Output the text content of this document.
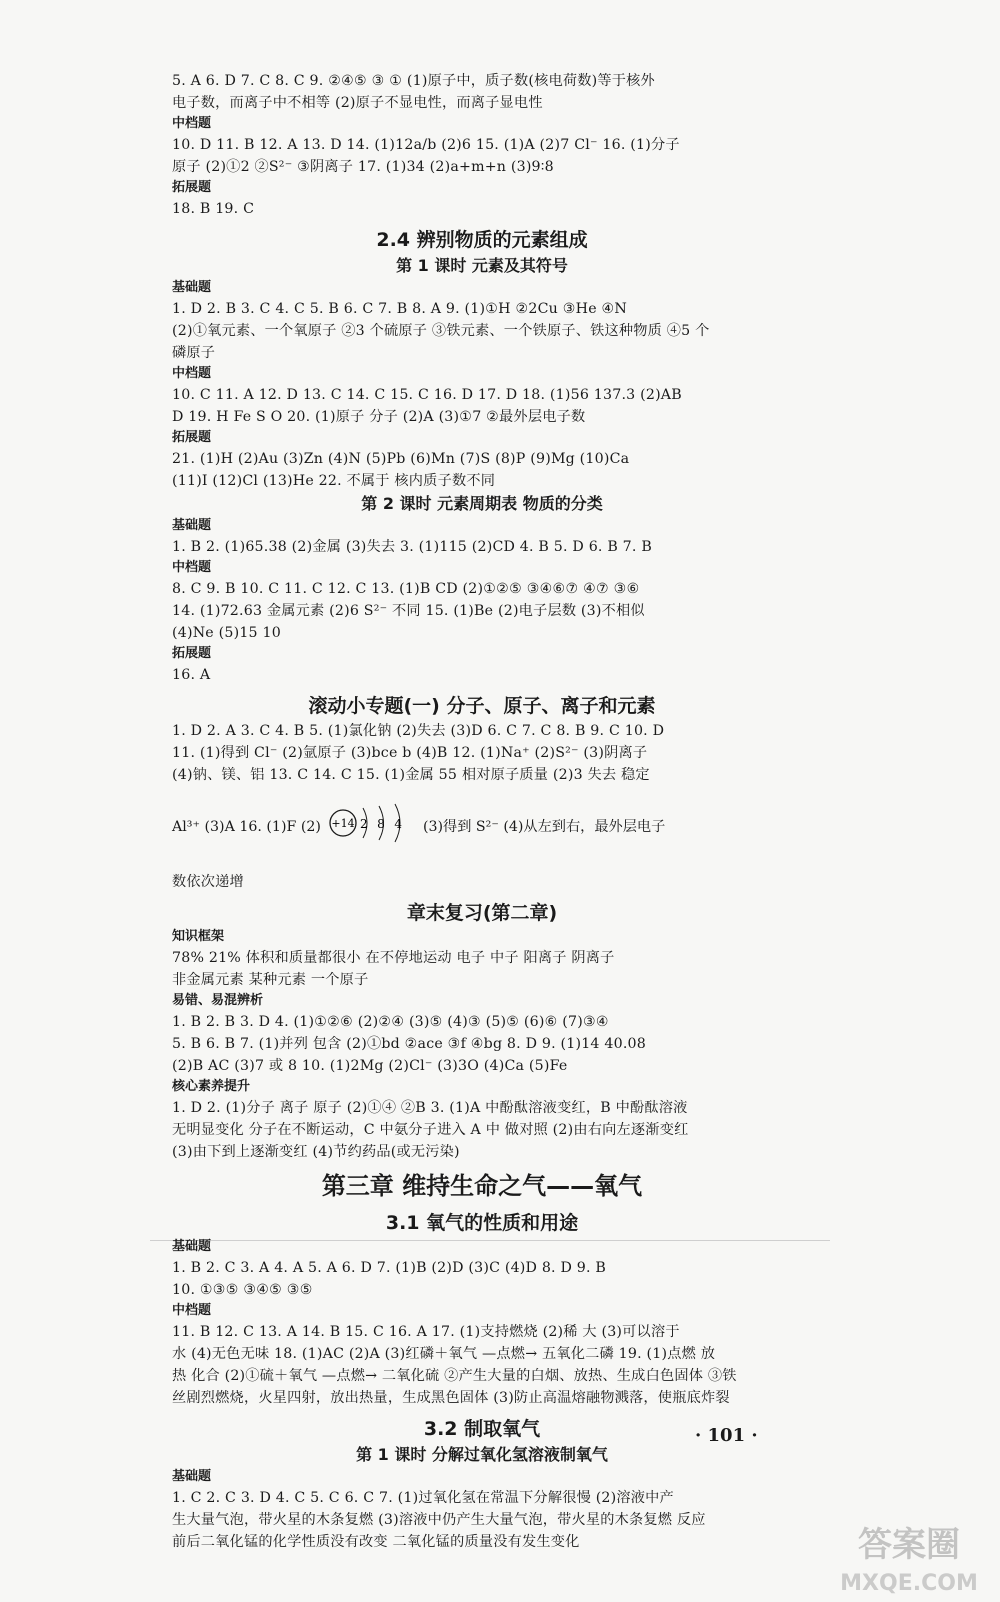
5. A 6. D 7. C 8. C 9. ②④⑤ ③ ① (1)原子中，质子数(核电荷数)等于核外
电子数，而离子中不相等 (2)原子不显电性，而离子显电性
中档题
10. D 11. B 12. A 13. D 14. (1)12a/b (2)6 15. (1)A (2)7 Cl⁻ 16. (1)分子
原子 (2)①2 ②S²⁻ ③阴离子 17. (1)34 (2)a+m+n (3)9∶8
拓展题
18. B 19. C
2.4 辨别物质的元素组成
第 1 课时 元素及其符号
基础题
1. D 2. B 3. C 4. C 5. B 6. C 7. B 8. A 9. (1)①H ②2Cu ③He ④N
(2)①氧元素、一个氧原子 ②3 个硫原子 ③铁元素、一个铁原子、铁这种物质 ④5 个
磷原子
中档题
10. C 11. A 12. D 13. C 14. C 15. C 16. D 17. D 18. (1)56 137.3 (2)AB
D 19. H Fe S O 20. (1)原子 分子 (2)A (3)①7 ②最外层电子数
拓展题
21. (1)H (2)Au (3)Zn (4)N (5)Pb (6)Mn (7)S (8)P (9)Mg (10)Ca
(11)I (12)Cl (13)He 22. 不属于 核内质子数不同
第 2 课时 元素周期表 物质的分类
基础题
1. B 2. (1)65.38 (2)金属 (3)失去 3. (1)115 (2)CD 4. B 5. D 6. B 7. B
中档题
8. C 9. B 10. C 11. C 12. C 13. (1)B CD (2)①②⑤ ③④⑥⑦ ④⑦ ③⑥
14. (1)72.63 金属元素 (2)6 S²⁻ 不同 15. (1)Be (2)电子层数 (3)不相似
(4)Ne (5)15 10
拓展题
16. A
滚动小专题(一) 分子、原子、离子和元素
1. D 2. A 3. C 4. B 5. (1)氯化钠 (2)失去 (3)D 6. C 7. C 8. B 9. C 10. D
11. (1)得到 Cl⁻ (2)氩原子 (3)bce b (4)B 12. (1)Na⁺ (2)S²⁻ (3)阴离子
(4)钠、镁、铝 13. C 14. C 15. (1)金属 55 相对原子质量 (2)3 失去 稳定
Al³⁺ (3)A 16. (1)F (2) +14 2 8 4 (3)得到 S²⁻ (4)从左到右，最外层电子
数依次递增
章末复习(第二章)
知识框架
78% 21% 体积和质量都很小 在不停地运动 电子 中子 阳离子 阴离子
非金属元素 某种元素 一个原子
易错、易混辨析
1. B 2. B 3. D 4. (1)①②⑥ (2)②④ (3)⑤ (4)③ (5)⑤ (6)⑥ (7)③④
5. B 6. B 7. (1)并列 包含 (2)①bd ②ace ③f ④bg 8. D 9. (1)14 40.08
(2)B AC (3)7 或 8 10. (1)2Mg (2)Cl⁻ (3)3O (4)Ca (5)Fe
核心素养提升
1. D 2. (1)分子 离子 原子 (2)①④ ②B 3. (1)A 中酚酞溶液变红，B 中酚酞溶液
无明显变化 分子在不断运动，C 中氨分子进入 A 中 做对照 (2)由右向左逐渐变红
(3)由下到上逐渐变红 (4)节约药品(或无污染)
第三章 维持生命之气——氧气
3.1 氧气的性质和用途
基础题
1. B 2. C 3. A 4. A 5. A 6. D 7. (1)B (2)D (3)C (4)D 8. D 9. B
10. ①③⑤ ③④⑤ ③⑤
中档题
11. B 12. C 13. A 14. B 15. C 16. A 17. (1)支持燃烧 (2)稀 大 (3)可以溶于
水 (4)无色无味 18. (1)AC (2)A (3)红磷＋氧气 —点燃→ 五氧化二磷 19. (1)点燃 放
热 化合 (2)①硫＋氧气 —点燃→ 二氧化硫 ②产生大量的白烟、放热、生成白色固体 ③铁
丝剧烈燃烧，火星四射，放出热量，生成黑色固体 (3)防止高温熔融物溅落，使瓶底炸裂
3.2 制取氧气
第 1 课时 分解过氧化氢溶液制氧气
基础题
1. C 2. C 3. D 4. C 5. C 6. C 7. (1)过氧化氢在常温下分解很慢 (2)溶液中产
生大量气泡，带火星的木条复燃 (3)溶液中仍产生大量气泡，带火星的木条复燃 反应
前后二氧化锰的化学性质没有改变 二氧化锰的质量没有发生变化
· 101 ·
答案圈
MXQE.COM
